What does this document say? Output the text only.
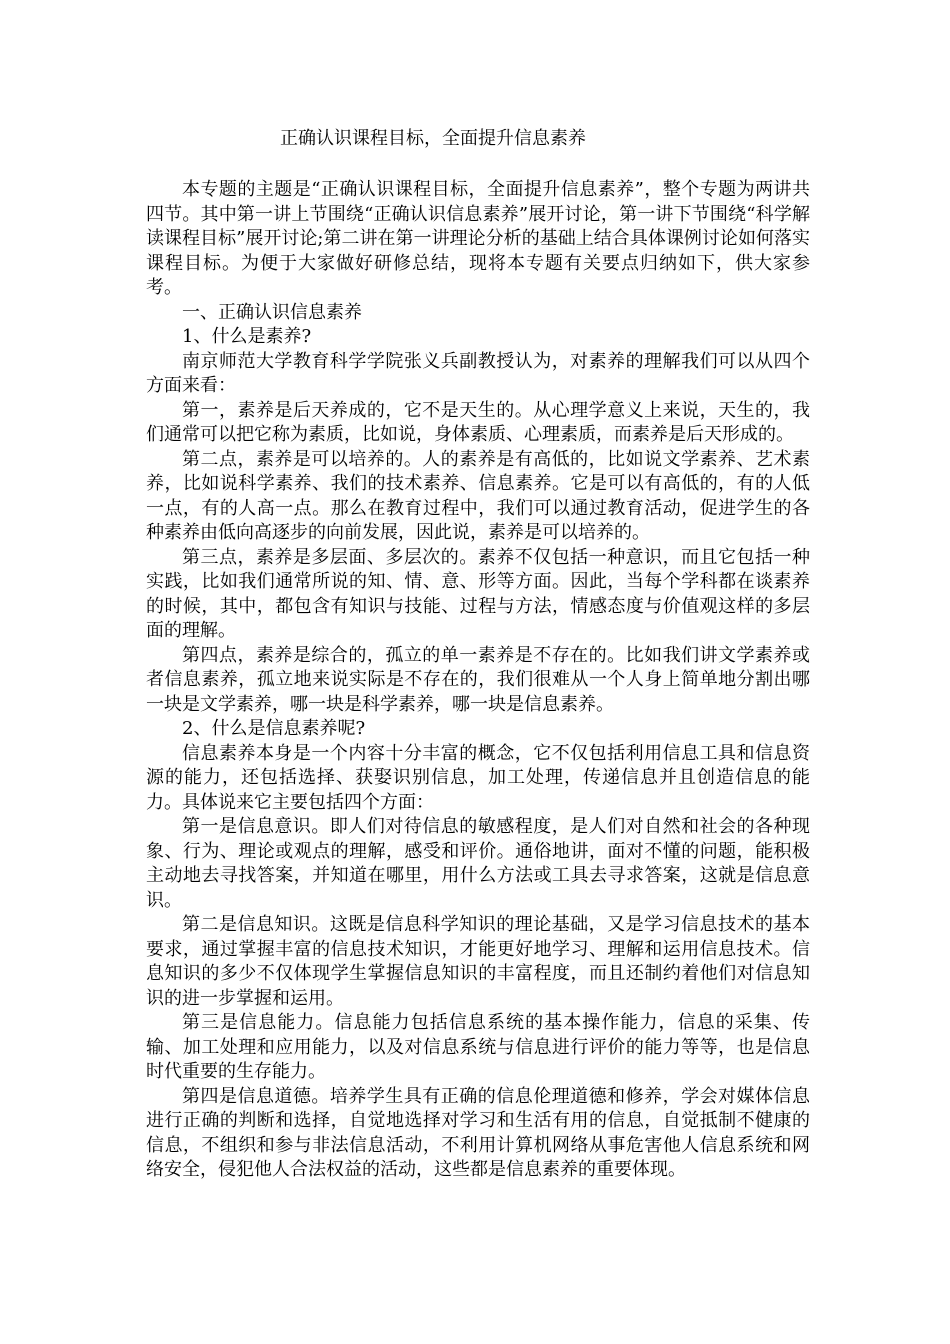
正确认识课程目标，全面提升信息素养

本专题的主题是“正确认识课程目标，全面提升信息素养”，整个专题为两讲共四节。其中第一讲上节围绕“正确认识信息素养”展开讨论，第一讲下节围绕“科学解读课程目标”展开讨论;第二讲在第一讲理论分析的基础上结合具体课例讨论如何落实课程目标。为便于大家做好研修总结，现将本专题有关要点归纳如下，供大家参考。

一、正确认识信息素养

1、什么是素养?

南京师范大学教育科学学院张义兵副教授认为，对素养的理解我们可以从四个方面来看：

第一，素养是后天养成的，它不是天生的。从心理学意义上来说，天生的，我们通常可以把它称为素质，比如说，身体素质、心理素质，而素养是后天形成的。

第二点，素养是可以培养的。人的素养是有高低的，比如说文学素养、艺术素养，比如说科学素养、我们的技术素养、信息素养。它是可以有高低的，有的人低一点，有的人高一点。那么在教育过程中，我们可以通过教育活动，促进学生的各种素养由低向高逐步的向前发展，因此说，素养是可以培养的。

第三点，素养是多层面、多层次的。素养不仅包括一种意识，而且它包括一种实践，比如我们通常所说的知、情、意、形等方面。因此，当每个学科都在谈素养的时候，其中，都包含有知识与技能、过程与方法，情感态度与价值观这样的多层面的理解。

第四点，素养是综合的，孤立的单一素养是不存在的。比如我们讲文学素养或者信息素养，孤立地来说实际是不存在的，我们很难从一个人身上简单地分割出哪一块是文学素养，哪一块是科学素养，哪一块是信息素养。

2、什么是信息素养呢?

信息素养本身是一个内容十分丰富的概念，它不仅包括利用信息工具和信息资源的能力，还包括选择、获娶识别信息，加工处理，传递信息并且创造信息的能力。具体说来它主要包括四个方面：

第一是信息意识。即人们对待信息的敏感程度，是人们对自然和社会的各种现象、行为、理论或观点的理解，感受和评价。通俗地讲，面对不懂的问题，能积极主动地去寻找答案，并知道在哪里，用什么方法或工具去寻求答案，这就是信息意识。

第二是信息知识。这既是信息科学知识的理论基础，又是学习信息技术的基本要求，通过掌握丰富的信息技术知识，才能更好地学习、理解和运用信息技术。信息知识的多少不仅体现学生掌握信息知识的丰富程度，而且还制约着他们对信息知识的进一步掌握和运用。

第三是信息能力。信息能力包括信息系统的基本操作能力，信息的采集、传输、加工处理和应用能力，以及对信息系统与信息进行评价的能力等等，也是信息时代重要的生存能力。

第四是信息道德。培养学生具有正确的信息伦理道德和修养，学会对媒体信息进行正确的判断和选择，自觉地选择对学习和生活有用的信息，自觉抵制不健康的信息，不组织和参与非法信息活动，不利用计算机网络从事危害他人信息系统和网络安全，侵犯他人合法权益的活动，这些都是信息素养的重要体现。
